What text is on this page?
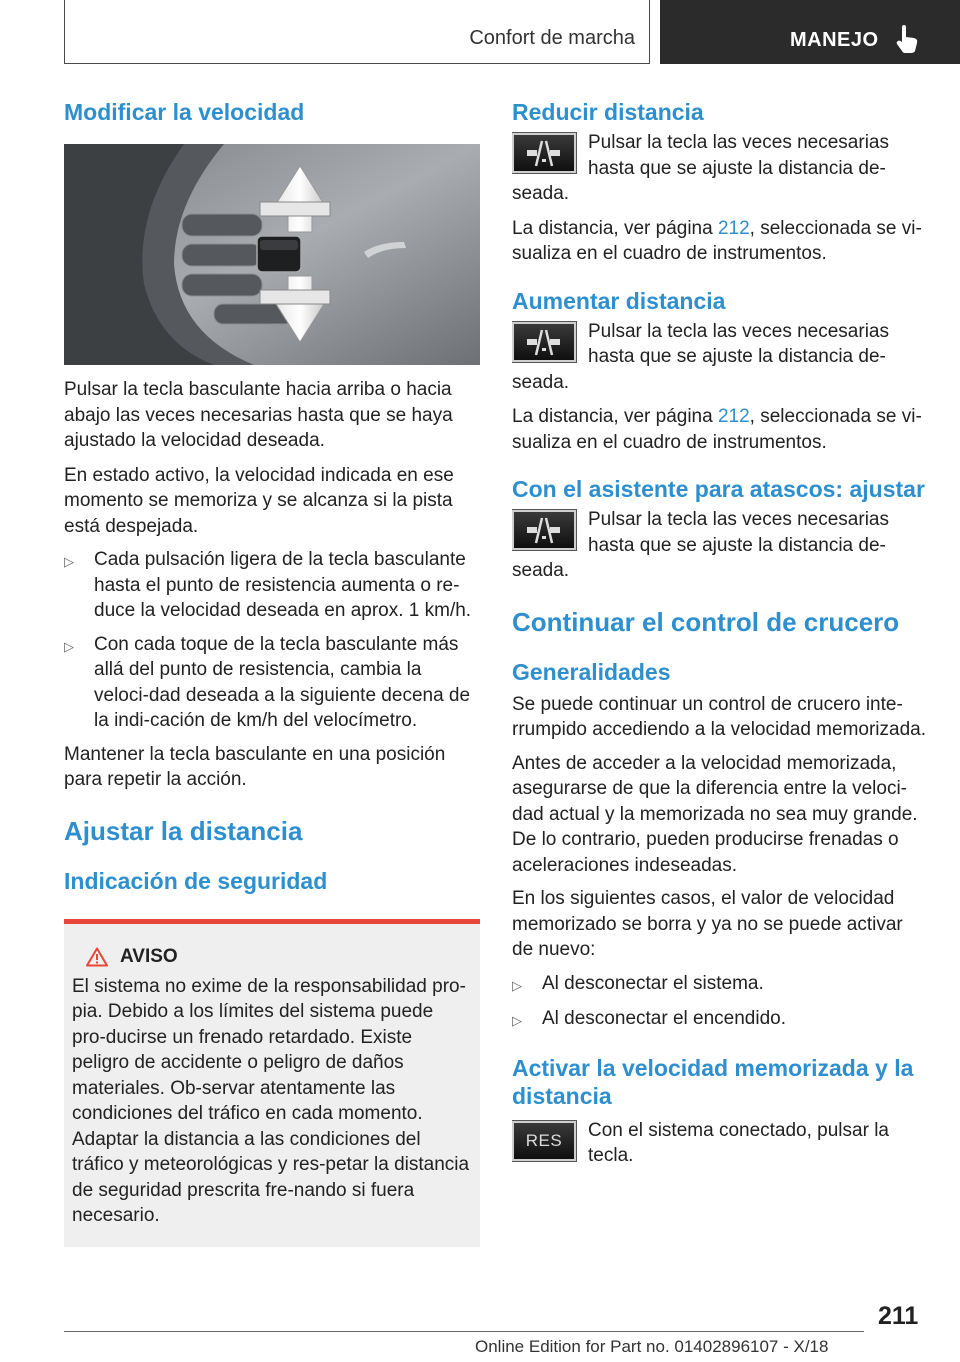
Confort de marcha	MANEJO
Modificar la velocidad

Pulsar la tecla basculante hacia arriba o hacia abajo las veces necesarias hasta que se haya ajustado la velocidad deseada.

En estado activo, la velocidad indicada en ese momento se memoriza y se alcanza si la pista está despejada.

▷	Cada pulsación ligera de la tecla basculante hasta el punto de resistencia aumenta o re-duce la velocidad deseada en aprox. 1 km/h.
▷	Con cada toque de la tecla basculante más allá del punto de resistencia, cambia la veloci-dad deseada a la siguiente decena de la indi-cación de km/h del velocímetro.

Mantener la tecla basculante en una posición para repetir la acción.

Ajustar la distancia
Indicación de seguridad
AVISO

El sistema no exime de la responsabilidad pro-pia. Debido a los límites del sistema puede pro-ducirse un frenado retardado. Existe peligro de accidente o peligro de daños materiales. Ob-servar atentamente las condiciones del tráfico en cada momento. Adaptar la distancia a las condiciones del tráfico y meteorológicas y res-petar la distancia de seguridad prescrita fre-nando si fuera necesario.

Reducir distancia

Pulsar la tecla las veces necesarias hasta que se ajuste la distancia de-seada.

La distancia, ver página 212, seleccionada se vi-sualiza en el cuadro de instrumentos.

Aumentar distancia

Pulsar la tecla las veces necesarias hasta que se ajuste la distancia de-seada.

La distancia, ver página 212, seleccionada se vi-sualiza en el cuadro de instrumentos.

Con el asistente para atascos: ajustar

Pulsar la tecla las veces necesarias hasta que se ajuste la distancia de-seada.

Continuar el control de crucero
Generalidades

Se puede continuar un control de crucero inte-rrumpido accediendo a la velocidad memorizada.

Antes de acceder a la velocidad memorizada, asegurarse de que la diferencia entre la veloci-dad actual y la memorizada no sea muy grande. De lo contrario, pueden producirse frenadas o aceleraciones indeseadas.

En los siguientes casos, el valor de velocidad memorizado se borra y ya no se puede activar de nuevo:

▷	Al desconectar el sistema.
▷	Al desconectar el encendido.
Activar la velocidad memorizada y la distancia
RES	Con el sistema conectado, pulsar la tecla.

211
Online Edition for Part no. 01402896107 - X/18
